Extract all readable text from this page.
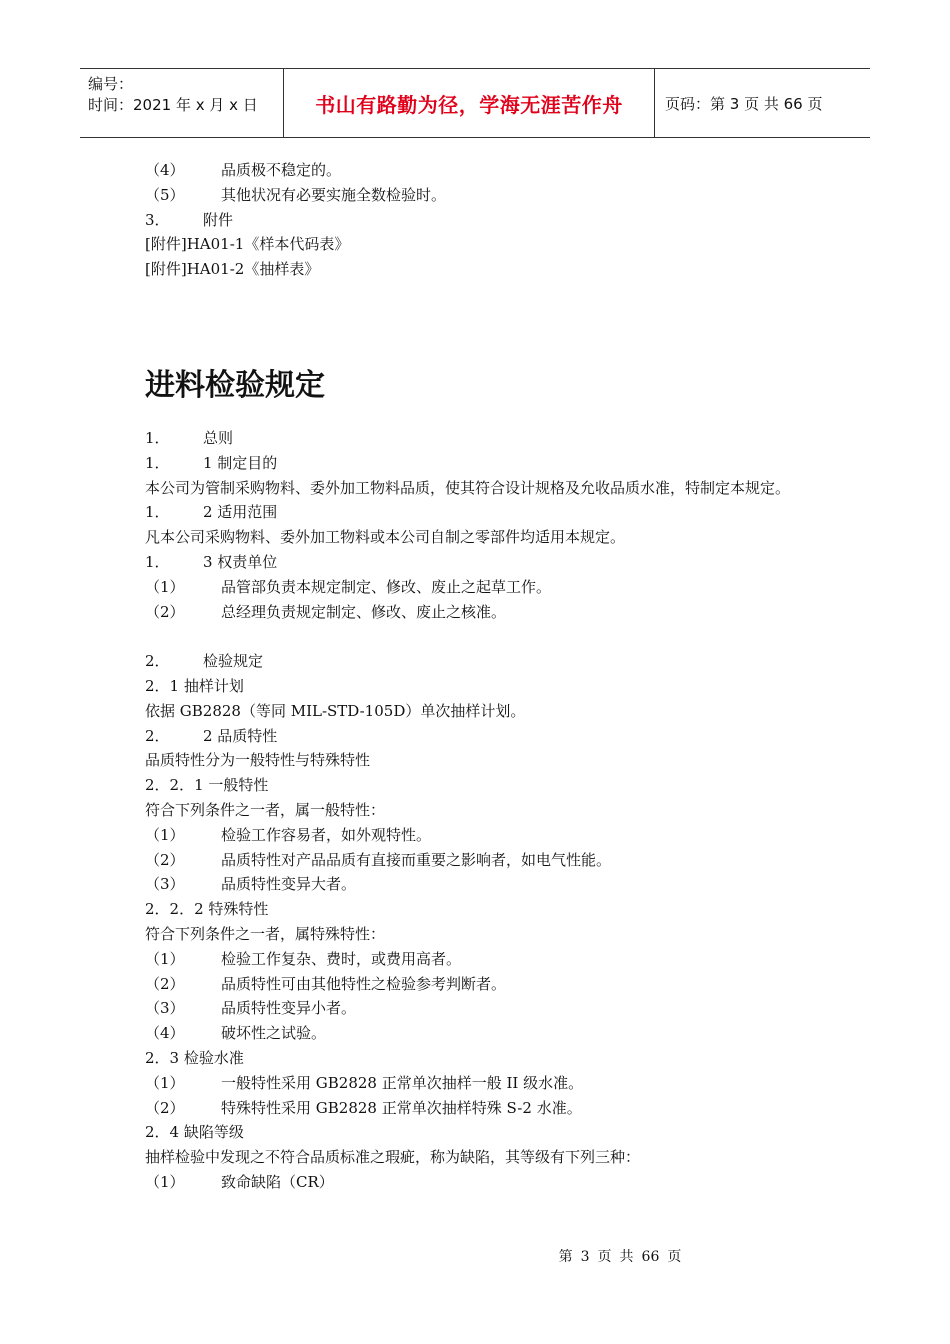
编号：
时间：2021 年 x 月 x 日	书山有路勤为径，学海无涯苦作舟	页码：第 3 页 共 66 页
（4） 品质极不稳定的。
（5） 其他状况有必要实施全数检验时。
3． 附件
[附件]HA01-1《样本代码表》
[附件]HA01-2《抽样表》
进料检验规定
1． 总则
1． 1 制定目的
本公司为管制采购物料、委外加工物料品质，使其符合设计规格及允收品质水准，特制定本规定。
1． 2 适用范围
凡本公司采购物料、委外加工物料或本公司自制之零部件均适用本规定。
1． 3 权责单位
（1） 品管部负责本规定制定、修改、废止之起草工作。
（2） 总经理负责规定制定、修改、废止之核准。
2． 检验规定
2．1 抽样计划
依据 GB2828（等同 MIL-STD-105D）单次抽样计划。
2． 2 品质特性
品质特性分为一般特性与特殊特性
2．2．1 一般特性
符合下列条件之一者，属一般特性：
（1） 检验工作容易者，如外观特性。
（2） 品质特性对产品品质有直接而重要之影响者，如电气性能。
（3） 品质特性变异大者。
2．2．2 特殊特性
符合下列条件之一者，属特殊特性：
（1） 检验工作复杂、费时，或费用高者。
（2） 品质特性可由其他特性之检验参考判断者。
（3） 品质特性变异小者。
（4） 破坏性之试验。
2．3 检验水准
（1） 一般特性采用 GB2828 正常单次抽样一般 II 级水准。
（2） 特殊特性采用 GB2828 正常单次抽样特殊 S-2 水准。
2．4 缺陷等级
抽样检验中发现之不符合品质标准之瑕疵，称为缺陷，其等级有下列三种：
（1） 致命缺陷（CR）
第 3 页 共 66 页
